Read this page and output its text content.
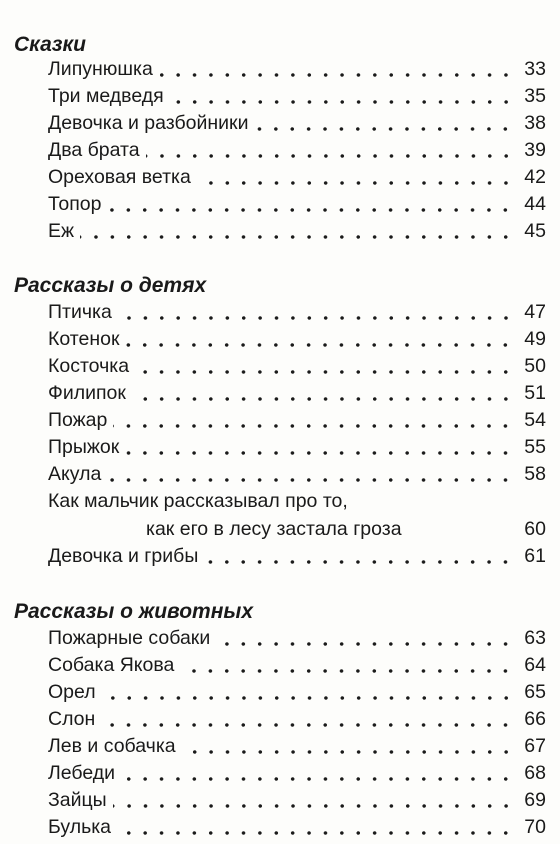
Сказки
Липунюшка	33
Три медведя	35
Девочка и разбойники	38
Два брата	39
Ореховая ветка	42
Топор	44
Еж	45
Рассказы о детях
Птичка	47
Котенок	49
Косточка	50
Филипок	51
Пожар	54
Прыжок	55
Акула	58
Как мальчик рассказывал про то,
как его в лесу застала гроза	60
Девочка и грибы	61
Рассказы о животных
Пожарные собаки	63
Собака Якова	64
Орел	65
Слон	66
Лев и собачка	67
Лебеди	68
Зайцы	69
Булька	70
